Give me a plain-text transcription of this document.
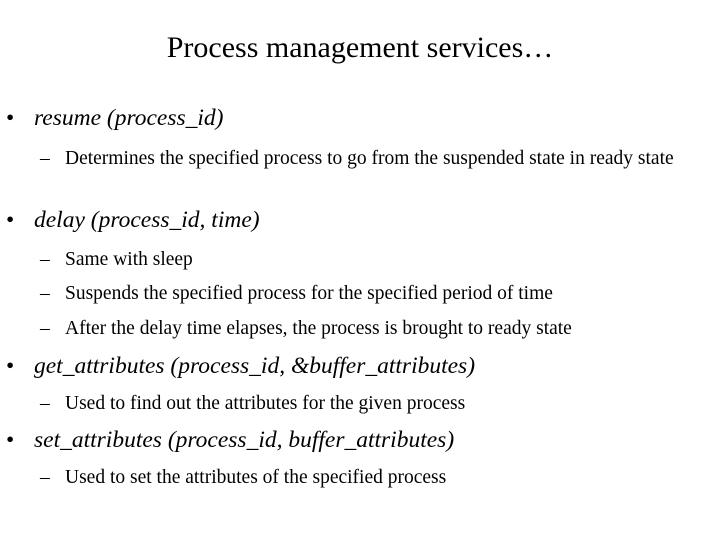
Process management services…
• resume (process_id)
– Determines the specified process to go from the suspended state in ready state
• delay (process_id, time)
– Same with sleep
– Suspends the specified process for the specified period of time
– After the delay time elapses, the process is brought to ready state
• get_attributes (process_id, &buffer_attributes)
– Used to find out the attributes for the given process
• set_attributes (process_id, buffer_attributes)
– Used to set the attributes of the specified process
